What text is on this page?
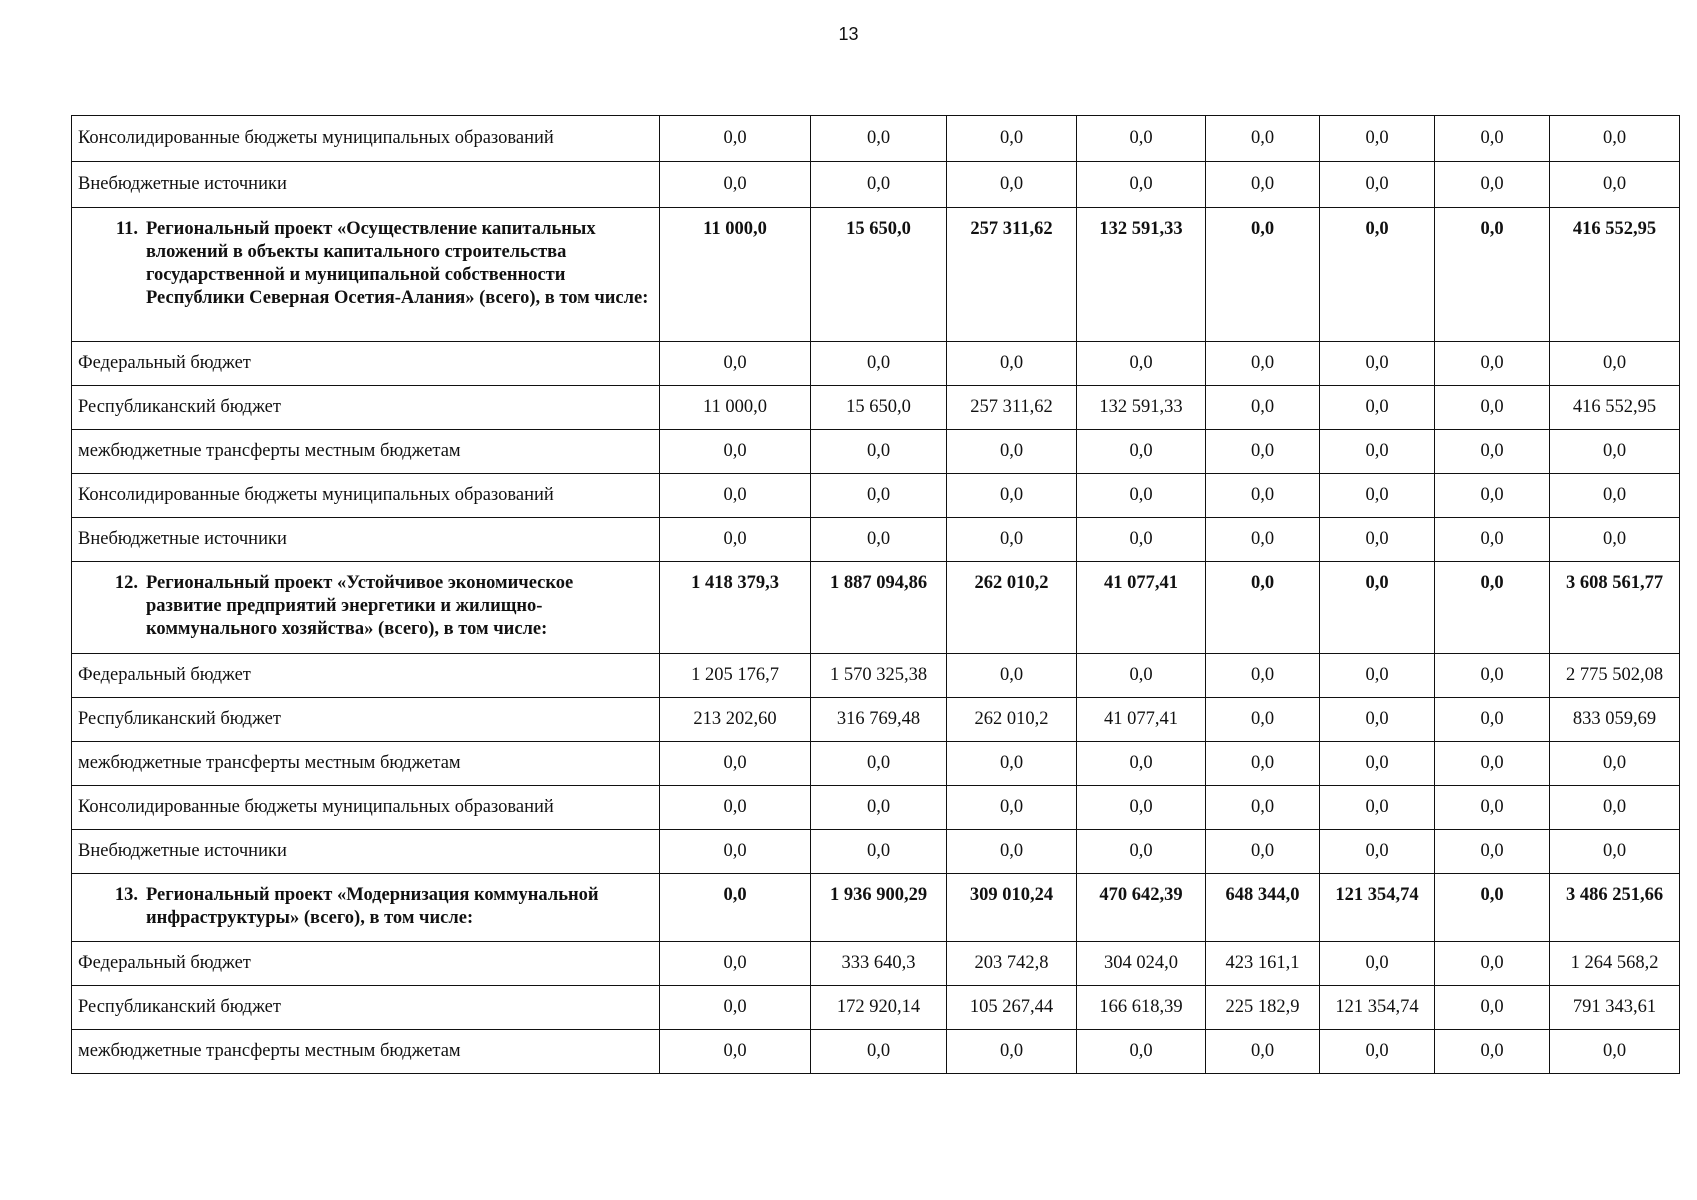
13
Консолидированные бюджеты муниципальных образований	0,0	0,0	0,0	0,0	0,0	0,0	0,0	0,0
Внебюджетные источники	0,0	0,0	0,0	0,0	0,0	0,0	0,0	0,0

11. Региональный проект «Осуществление капитальных вложений в объекты капитального строительства государственной и муниципальной собственности Республики Северная Осетия-Алания» (всего), в том числе:	11 000,0	15 650,0	257 311,62	132 591,33	0,0	0,0	0,0	416 552,95
Федеральный бюджет	0,0	0,0	0,0	0,0	0,0	0,0	0,0	0,0
Республиканский бюджет	11 000,0	15 650,0	257 311,62	132 591,33	0,0	0,0	0,0	416 552,95
межбюджетные трансферты местным бюджетам	0,0	0,0	0,0	0,0	0,0	0,0	0,0	0,0
Консолидированные бюджеты муниципальных образований	0,0	0,0	0,0	0,0	0,0	0,0	0,0	0,0
Внебюджетные источники	0,0	0,0	0,0	0,0	0,0	0,0	0,0	0,0

12. Региональный проект «Устойчивое экономическое развитие предприятий энергетики и жилищно-коммунального хозяйства» (всего), в том числе:	1 418 379,3	1 887 094,86	262 010,2	41 077,41	0,0	0,0	0,0	3 608 561,77
Федеральный бюджет	1 205 176,7	1 570 325,38	0,0	0,0	0,0	0,0	0,0	2 775 502,08
Республиканский бюджет	213 202,60	316 769,48	262 010,2	41 077,41	0,0	0,0	0,0	833 059,69
межбюджетные трансферты местным бюджетам	0,0	0,0	0,0	0,0	0,0	0,0	0,0	0,0
Консолидированные бюджеты муниципальных образований	0,0	0,0	0,0	0,0	0,0	0,0	0,0	0,0
Внебюджетные источники	0,0	0,0	0,0	0,0	0,0	0,0	0,0	0,0

13. Региональный проект «Модернизация коммунальной инфраструктуры» (всего), в том числе:	0,0	1 936 900,29	309 010,24	470 642,39	648 344,0	121 354,74	0,0	3 486 251,66
Федеральный бюджет	0,0	333 640,3	203 742,8	304 024,0	423 161,1	0,0	0,0	1 264 568,2
Республиканский бюджет	0,0	172 920,14	105 267,44	166 618,39	225 182,9	121 354,74	0,0	791 343,61
межбюджетные трансферты местным бюджетам	0,0	0,0	0,0	0,0	0,0	0,0	0,0	0,0
